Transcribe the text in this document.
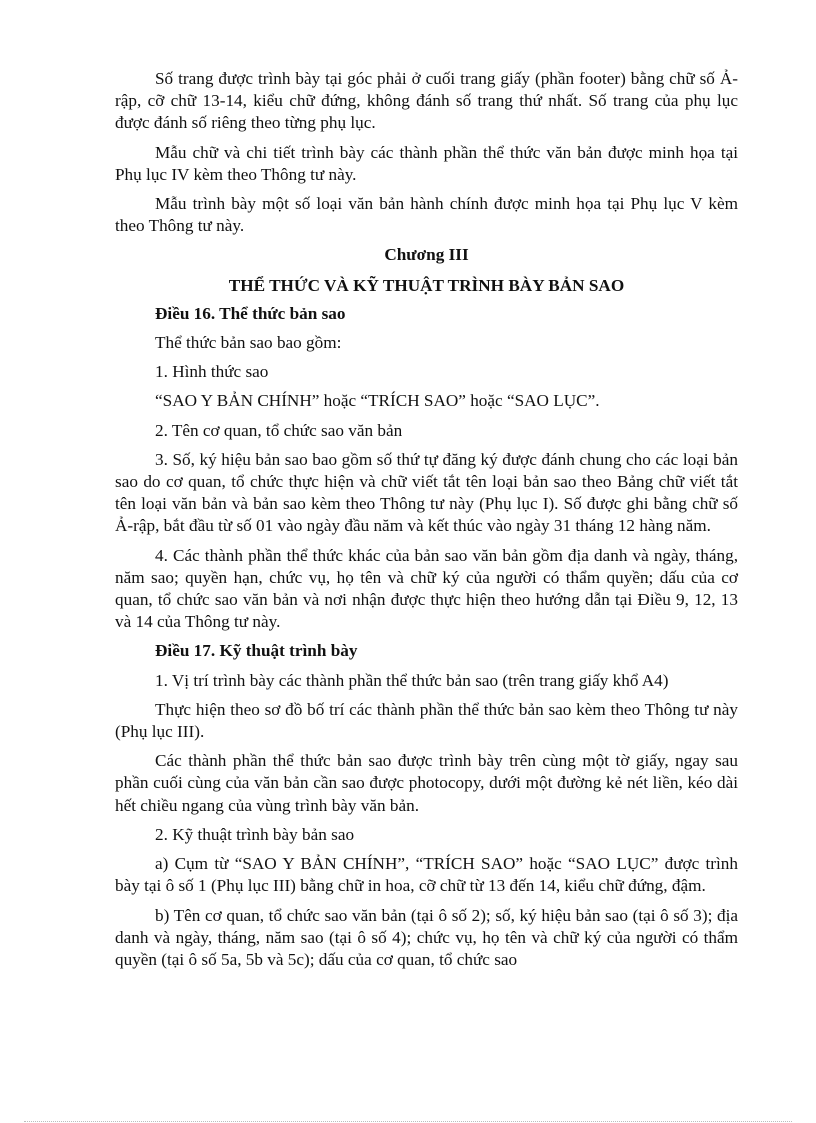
Số trang được trình bày tại góc phải ở cuối trang giấy (phần footer) bằng chữ số Ả-rập, cỡ chữ 13-14, kiểu chữ đứng, không đánh số trang thứ nhất. Số trang của phụ lục được đánh số riêng theo từng phụ lục.

Mẫu chữ và chi tiết trình bày các thành phần thể thức văn bản được minh họa tại Phụ lục IV kèm theo Thông tư này.

Mẫu trình bày một số loại văn bản hành chính được minh họa tại Phụ lục V kèm theo Thông tư này.

Chương III

THỂ THỨC VÀ KỸ THUẬT TRÌNH BÀY BẢN SAO

Điều 16. Thể thức bản sao

Thể thức bản sao bao gồm:

1. Hình thức sao

“SAO Y BẢN CHÍNH” hoặc “TRÍCH SAO” hoặc “SAO LỤC”.

2. Tên cơ quan, tổ chức sao văn bản

3. Số, ký hiệu bản sao bao gồm số thứ tự đăng ký được đánh chung cho các loại bản sao do cơ quan, tổ chức thực hiện và chữ viết tắt tên loại bản sao theo Bảng chữ viết tắt tên loại văn bản và bản sao kèm theo Thông tư này (Phụ lục I). Số được ghi bằng chữ số Ả-rập, bắt đầu từ số 01 vào ngày đầu năm và kết thúc vào ngày 31 tháng 12 hàng năm.

4. Các thành phần thể thức khác của bản sao văn bản gồm địa danh và ngày, tháng, năm sao; quyền hạn, chức vụ, họ tên và chữ ký của người có thẩm quyền; dấu của cơ quan, tổ chức sao văn bản và nơi nhận được thực hiện theo hướng dẫn tại Điều 9, 12, 13 và 14 của Thông tư này.

Điều 17. Kỹ thuật trình bày

1. Vị trí trình bày các thành phần thể thức bản sao (trên trang giấy khổ A4)

Thực hiện theo sơ đồ bố trí các thành phần thể thức bản sao kèm theo Thông tư này (Phụ lục III).

Các thành phần thể thức bản sao được trình bày trên cùng một tờ giấy, ngay sau phần cuối cùng của văn bản cần sao được photocopy, dưới một đường kẻ nét liền, kéo dài hết chiều ngang của vùng trình bày văn bản.

2. Kỹ thuật trình bày bản sao

a) Cụm từ “SAO Y BẢN CHÍNH”, “TRÍCH SAO” hoặc “SAO LỤC” được trình bày tại ô số 1 (Phụ lục III) bằng chữ in hoa, cỡ chữ từ 13 đến 14, kiểu chữ đứng, đậm.

b) Tên cơ quan, tổ chức sao văn bản (tại ô số 2); số, ký hiệu bản sao (tại ô số 3); địa danh và ngày, tháng, năm sao (tại ô số 4); chức vụ, họ tên và chữ ký của người có thẩm quyền (tại ô số 5a, 5b và 5c); dấu của cơ quan, tổ chức sao
